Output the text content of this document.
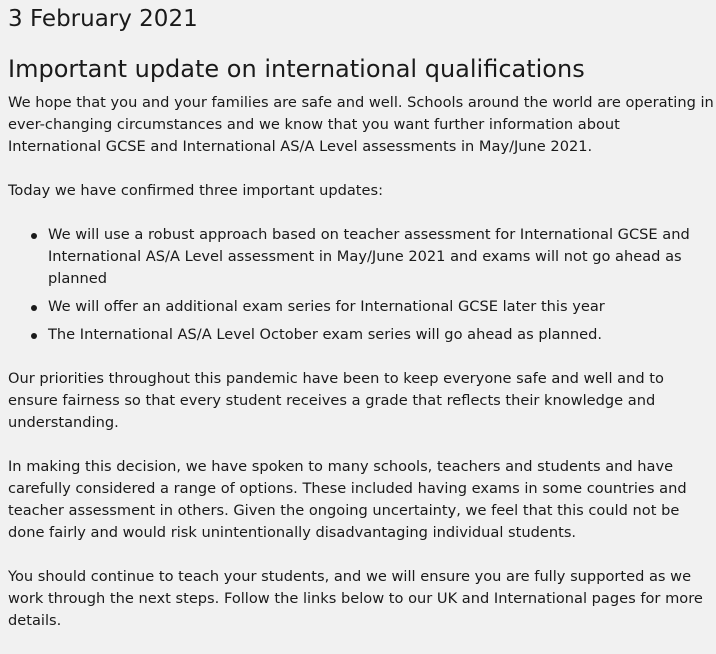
3 February 2021
Important update on international qualifications

We hope that you and your families are safe and well. Schools around the world are operating in ever-changing circumstances and we know that you want further information about International GCSE and International AS/A Level assessments in May/June 2021.

Today we have confirmed three important updates:

We will use a robust approach based on teacher assessment for International GCSE and International AS/A Level assessment in May/June 2021 and exams will not go ahead as planned
We will offer an additional exam series for International GCSE later this year
The International AS/A Level October exam series will go ahead as planned.

Our priorities throughout this pandemic have been to keep everyone safe and well and to ensure fairness so that every student receives a grade that reflects their knowledge and understanding.

In making this decision, we have spoken to many schools, teachers and students and have carefully considered a range of options. These included having exams in some countries and teacher assessment in others. Given the ongoing uncertainty, we feel that this could not be done fairly and would risk unintentionally disadvantaging individual students.

You should continue to teach your students, and we will ensure you are fully supported as we work through the next steps. Follow the links below to our UK and International pages for more details.
